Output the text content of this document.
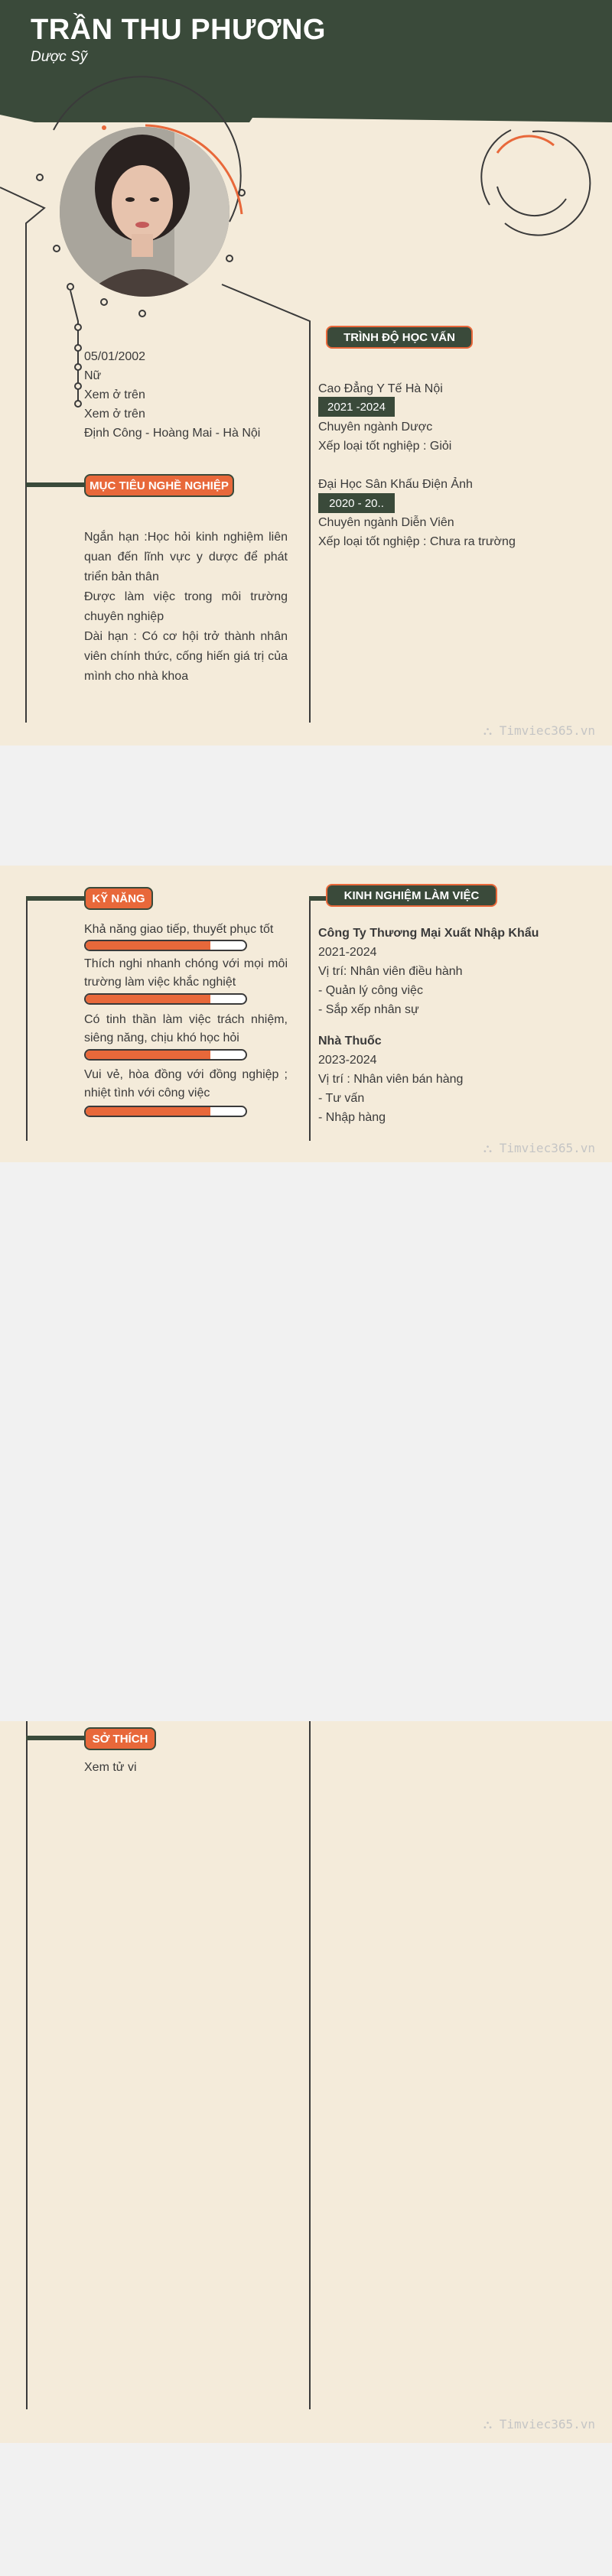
TRẦN THU PHƯƠNG
Dược Sỹ
05/01/2002
Nữ
Xem ở trên
Xem ở trên
Định Công - Hoàng Mai - Hà Nội
MỤC TIÊU NGHỀ NGHIỆP
Ngắn hạn :Học hỏi kinh nghiệm liên quan đến lĩnh vực y dược để phát triển bản thân
Được làm việc trong môi trường chuyên nghiệp
Dài hạn : Có cơ hội trở thành nhân viên chính thức, cống hiến giá trị của mình cho nhà khoa
TRÌNH ĐỘ HỌC VẤN
Cao Đẳng Y Tế Hà Nội
2021 -2024
Chuyên ngành Dược
Xếp loại tốt nghiệp : Giỏi
Đại Học Sân Khấu Điện Ảnh
2020 - 20..
Chuyên ngành Diễn Viên
Xếp loại tốt nghiệp : Chưa ra trường
⛬ Timviec365.vn
KỸ NĂNG
Khả năng giao tiếp, thuyết phục tốt
Thích nghi nhanh chóng với mọi môi trường làm việc khắc nghiệt
Có tinh thần làm việc trách nhiệm, siêng năng, chịu khó học hỏi
Vui vẻ, hòa đồng với đồng nghiệp ; nhiệt tình với công việc
KINH NGHIỆM LÀM VIỆC
Công Ty Thương Mại Xuất Nhập Khẩu
2021-2024
Vị trí: Nhân viên điều hành
- Quản lý công việc
- Sắp xếp nhân sự
Nhà Thuốc
2023-2024
Vị trí : Nhân viên bán hàng
- Tư vấn
- Nhập hàng
⛬ Timviec365.vn
SỞ THÍCH
Xem tử vi
⛬ Timviec365.vn
